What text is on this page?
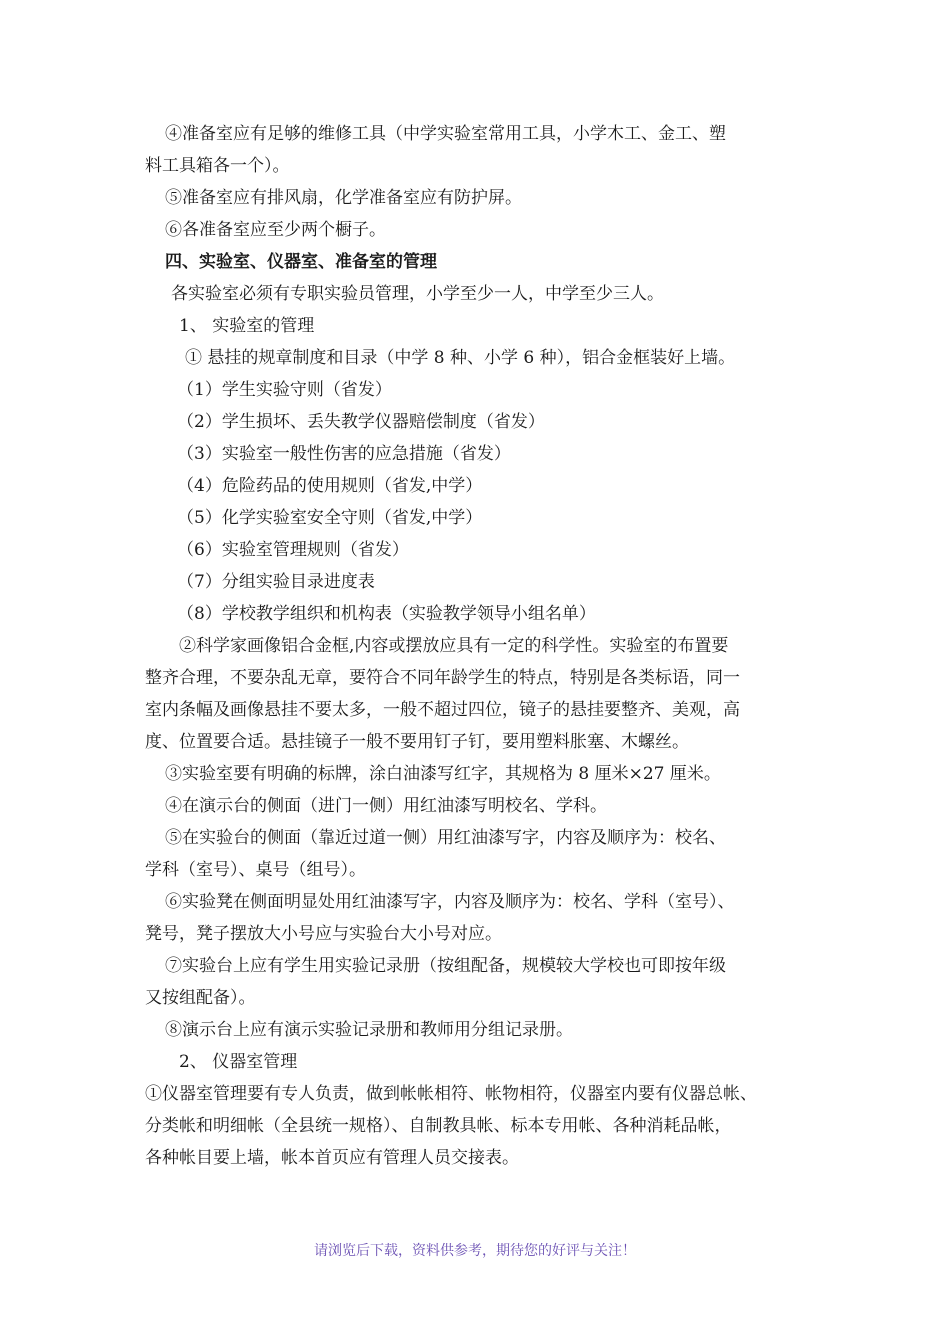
④准备室应有足够的维修工具（中学实验室常用工具，小学木工、金工、塑

料工具箱各一个）。

⑤准备室应有排风扇，化学准备室应有防护屏。

⑥各准备室应至少两个橱子。

四、实验室、仪器室、准备室的管理

各实验室必须有专职实验员管理，小学至少一人，中学至少三人。

1、 实验室的管理

① 悬挂的规章制度和目录（中学 8 种、小学 6 种），铝合金框装好上墙。

（1）学生实验守则（省发）

（2）学生损坏、丢失教学仪器赔偿制度（省发）

（3）实验室一般性伤害的应急措施（省发）

（4）危险药品的使用规则（省发,中学）

（5）化学实验室安全守则（省发,中学）

（6）实验室管理规则（省发）

（7）分组实验目录进度表

（8）学校教学组织和机构表（实验教学领导小组名单）

②科学家画像铝合金框,内容或摆放应具有一定的科学性。实验室的布置要

整齐合理，不要杂乱无章，要符合不同年龄学生的特点，特别是各类标语，同一

室内条幅及画像悬挂不要太多，一般不超过四位，镜子的悬挂要整齐、美观，高

度、位置要合适。悬挂镜子一般不要用钉子钉，要用塑料胀塞、木螺丝。

③实验室要有明确的标牌，涂白油漆写红字，其规格为 8 厘米×27 厘米。

④在演示台的侧面（进门一侧）用红油漆写明校名、学科。

⑤在实验台的侧面（靠近过道一侧）用红油漆写字，内容及顺序为：校名、

学科（室号）、桌号（组号）。

⑥实验凳在侧面明显处用红油漆写字，内容及顺序为：校名、学科（室号）、

凳号，凳子摆放大小号应与实验台大小号对应。

⑦实验台上应有学生用实验记录册（按组配备，规模较大学校也可即按年级

又按组配备）。

⑧演示台上应有演示实验记录册和教师用分组记录册。

2、 仪器室管理

①仪器室管理要有专人负责，做到帐帐相符、帐物相符，仪器室内要有仪器总帐、

分类帐和明细帐（全县统一规格）、自制教具帐、标本专用帐、各种消耗品帐，

各种帐目要上墙，帐本首页应有管理人员交接表。

请浏览后下载，资料供参考，期待您的好评与关注！
